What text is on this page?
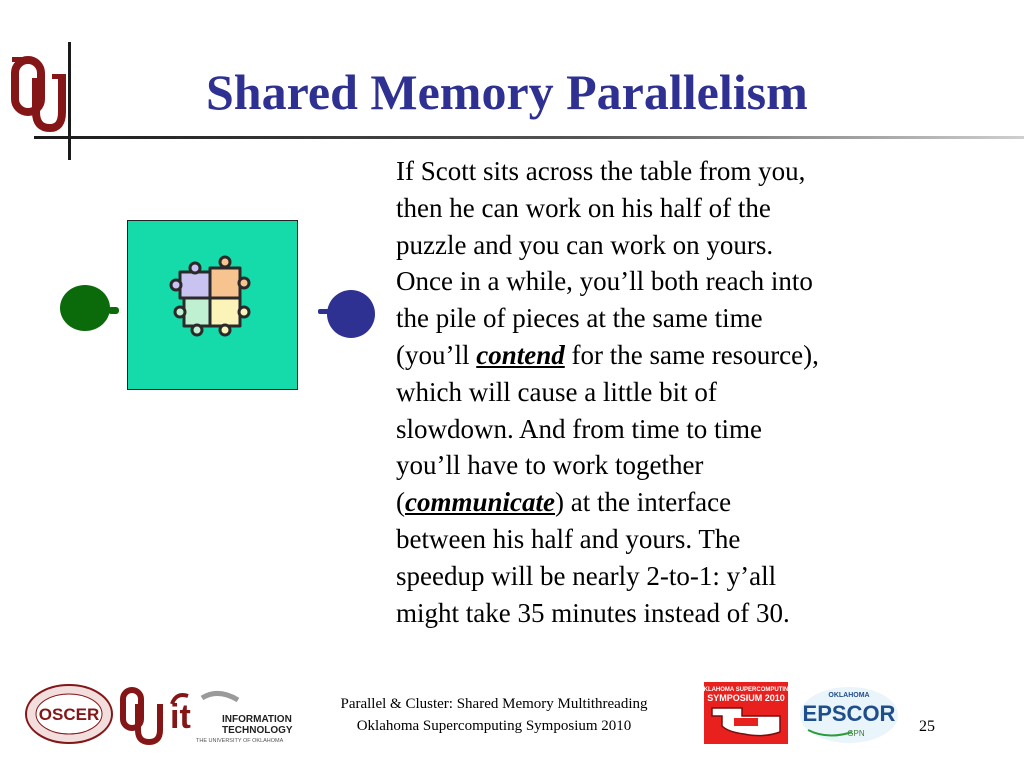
Shared Memory Parallelism
If Scott sits across the table from you,
then he can work on his half of the
puzzle and you can work on yours.
Once in a while, you’ll both reach into
the pile of pieces at the same time
(you’ll contend for the same resource),
which will cause a little bit of
slowdown. And from time to time
you’ll have to work together
(communicate) at the interface
between his half and yours. The
speedup will be nearly 2-to-1: y’all
might take 35 minutes instead of 30.
OSCER it	INFORMATION
TECHNOLOGY
THE UNIVERSITY OF OKLAHOMA
Parallel & Cluster: Shared Memory Multithreading
Oklahoma Supercomputing Symposium 2010
OKLAHOMA SUPERCOMPUTING
SYMPOSIUM 2010	OKLAHOMA
EPSCOR
GPN	25
